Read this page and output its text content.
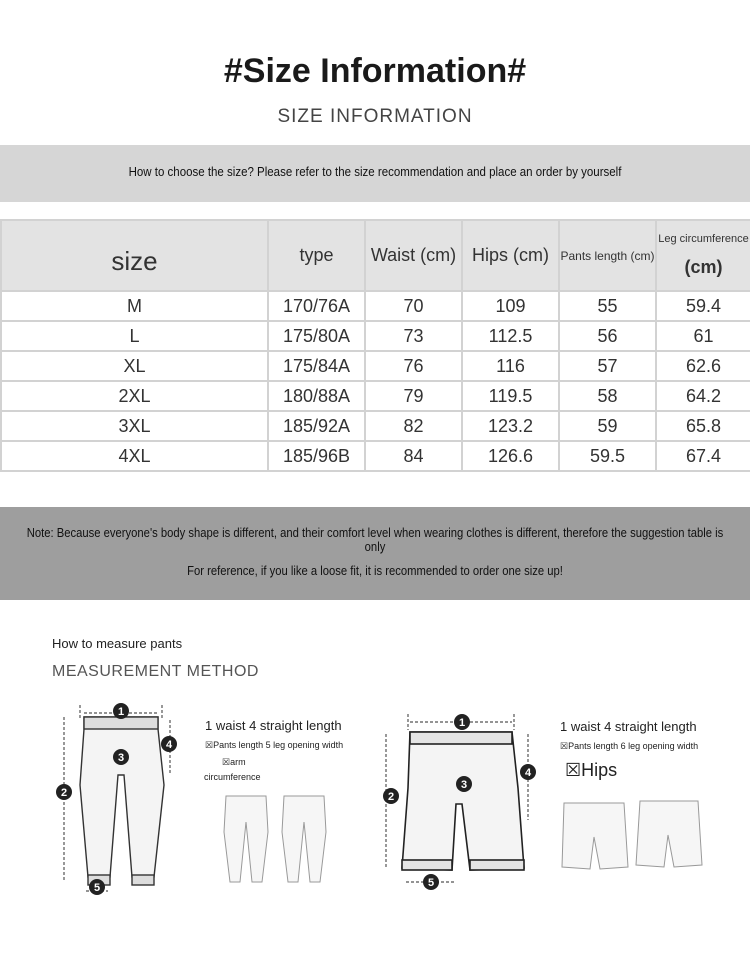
#Size Information#
SIZE INFORMATION
How to choose the size? Please refer to the size recommendation and place an order by yourself
size	type	Waist (cm)	Hips (cm)	Pants length (cm)	Leg circumference
(cm)

M	170/76A	70	109	55	59.4
L	175/80A	73	112.5	56	61
XL	175/84A	76	116	57	62.6
2XL	180/88A	79	119.5	58	64.2
3XL	185/92A	82	123.2	59	65.8
4XL	185/96B	84	126.6	59.5	67.4
Note: Because everyone's body shape is different, and their comfort level when wearing clothes is different, therefore the suggestion table is only
For reference, if you like a loose fit, it is recommended to order one size up!
How to measure pants
MEASUREMENT METHOD
1
2
3
4
5
1 waist 4 straight length
☒Pants length 5 leg opening width
☒arm
circumference
1
2
3
4
5
1 waist 4 straight length
☒Pants length 6 leg opening width
☒Hips
